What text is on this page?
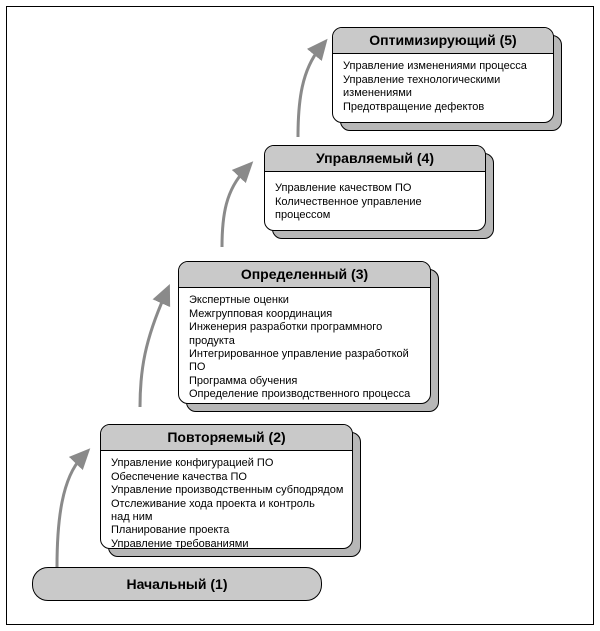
Оптимизирующий (5)
Управление изменениями процесса
Управление технологическими
изменениями
Предотвращение дефектов
Управляемый (4)
Управление качеством ПО
Количественное управление
процессом
Определенный (3)
Экспертные оценки
Межгрупповая координация
Инженерия разработки программного продукта
Интегрированное управление разработкой ПО
Программа обучения
Определение производственного процесса
Повторяемый (2)
Управление конфигурацией ПО
Обеспечение качества ПО
Управление производственным субподрядом
Отслеживание хода проекта и контроль
над ним
Планирование проекта
Управление требованиями
Начальный (1)
